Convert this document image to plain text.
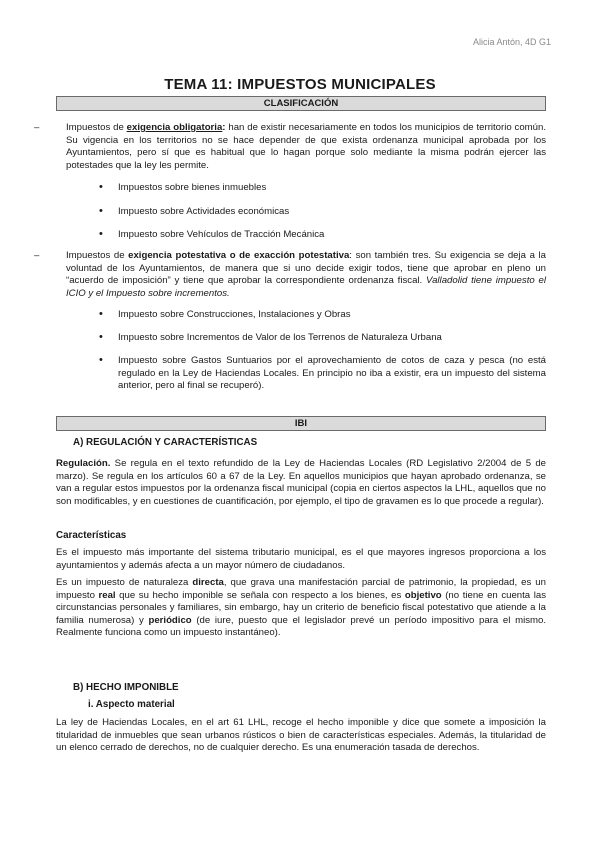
Alicia Antón, 4D G1
TEMA 11: IMPUESTOS MUNICIPALES
CLASIFICACIÓN
–	Impuestos de exigencia obligatoria: han de existir necesariamente en todos los municipios de territorio común. Su vigencia en los territorios no se hace depender de que exista ordenanza municipal aprobada por los Ayuntamientos, pero sí que es habitual que lo hagan porque solo mediante la misma podrán ejercer las potestades que la ley les permite.
• Impuestos sobre bienes inmuebles
• Impuesto sobre Actividades económicas
• Impuesto sobre Vehículos de Tracción Mecánica
–	Impuestos de exigencia potestativa o de exacción potestativa: son también tres. Su exigencia se deja a la voluntad de los Ayuntamientos, de manera que si uno decide exigir todos, tiene que aprobar en pleno un “acuerdo de imposición” y tiene que aprobar la correspondiente ordenanza fiscal. Valladolid tiene impuesto el ICIO y el Impuesto sobre incrementos.
• Impuesto sobre Construcciones, Instalaciones y Obras
• Impuesto sobre Incrementos de Valor de los Terrenos de Naturaleza Urbana
• Impuesto sobre Gastos Suntuarios por el aprovechamiento de cotos de caza y pesca (no está regulado en la Ley de Haciendas Locales. En principio no iba a existir, era un impuesto del sistema anterior, pero al final se recuperó).
IBI
A) REGULACIÓN Y CARACTERÍSTICAS

Regulación. Se regula en el texto refundido de la Ley de Haciendas Locales (RD Legislativo 2/2004 de 5 de marzo). Se regula en los artículos 60 a 67 de la Ley. En aquellos municipios que hayan aprobado ordenanza, se van a regular estos impuestos por la ordenanza fiscal municipal (copia en ciertos aspectos la LHL, aquellos que no son modificables, y en cuestiones de cuantificación, por ejemplo, el tipo de gravamen es lo que procede a regular).

Características

Es el impuesto más importante del sistema tributario municipal, es el que mayores ingresos proporciona a los ayuntamientos y además afecta a un mayor número de ciudadanos.

Es un impuesto de naturaleza directa, que grava una manifestación parcial de patrimonio, la propiedad, es un impuesto real que su hecho imponible se señala con respecto a los bienes, es objetivo (no tiene en cuenta las circunstancias personales y familiares, sin embargo, hay un criterio de beneficio fiscal potestativo que atiende a la familia numerosa) y periódico (de iure, puesto que el legislador prevé un período impositivo para el mismo. Realmente funciona como un impuesto instantáneo).

B) HECHO IMPONIBLE
i. Aspecto material

La ley de Haciendas Locales, en el art 61 LHL, recoge el hecho imponible y dice que somete a imposición la titularidad de inmuebles que sean urbanos rústicos o bien de características especiales. Además, la titularidad de un elenco cerrado de derechos, no de cualquier derecho. Es una enumeración tasada de derechos.
